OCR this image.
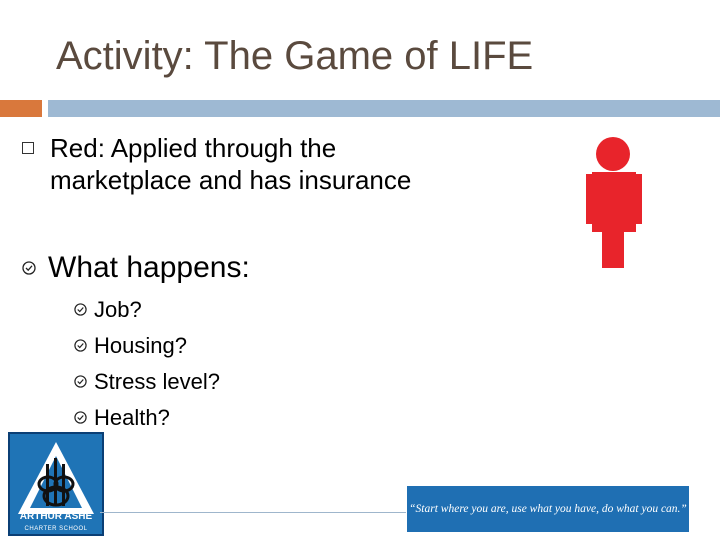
Activity: The Game of LIFE
Red: Applied through the
marketplace and has insurance
What happens:
Job?
Housing?
Stress level?
Health?
ARTHUR ASHE
CHARTER SCHOOL
“Start where you are, use what you have, do what you can.”
